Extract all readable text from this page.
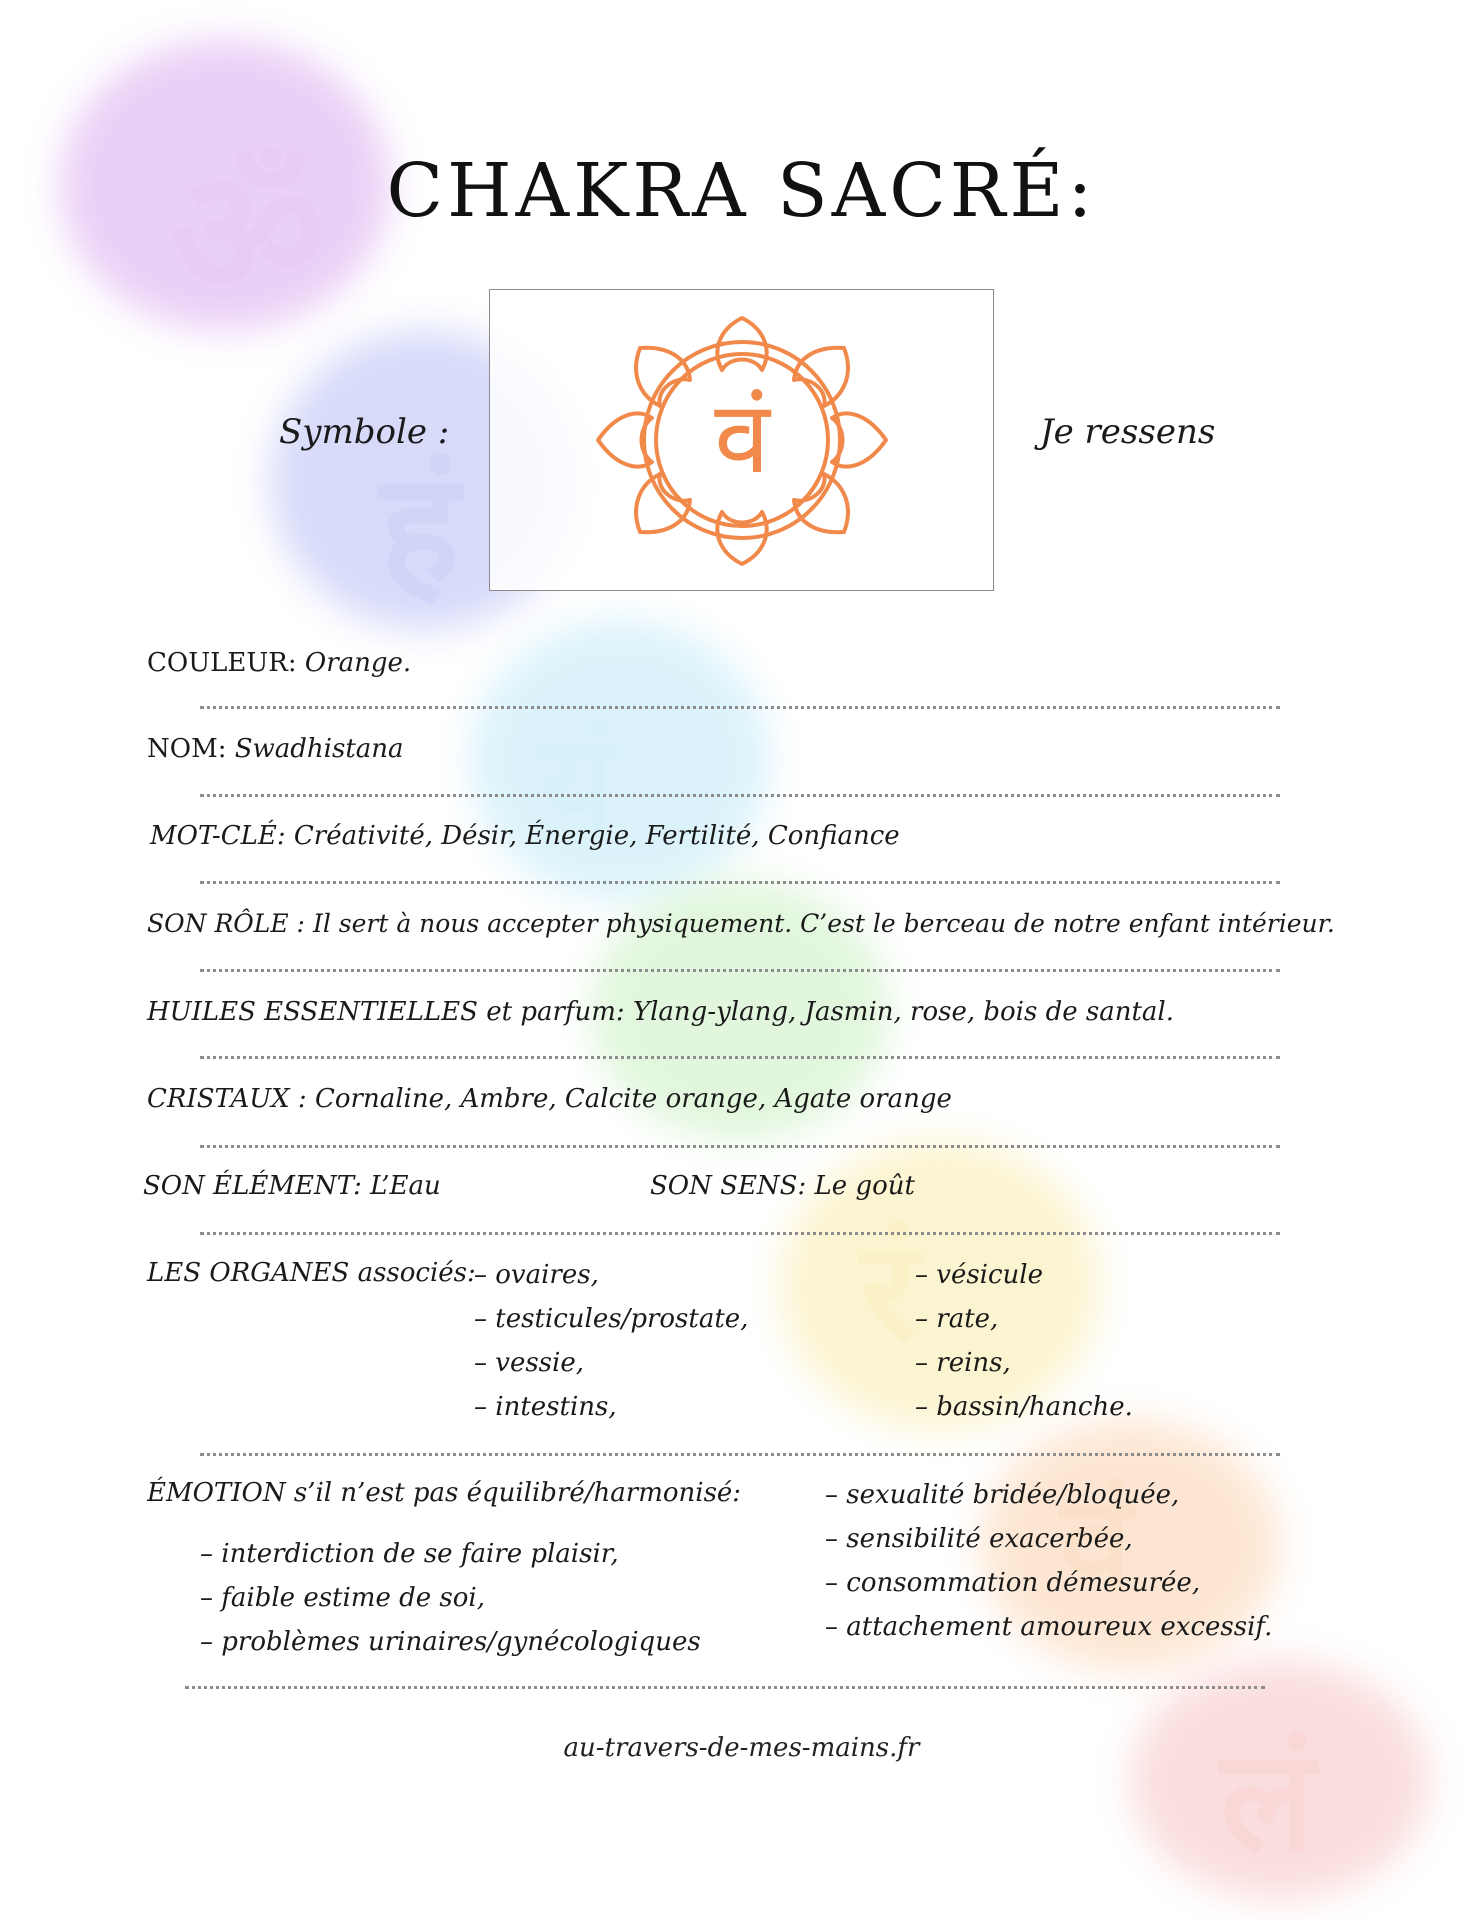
ॐ
हं
यं
रं
वं
लं
CHAKRA SACRÉ:
Symbole :	Je ressens
वं
COULEUR: Orange.
NOM: Swadhistana
MOT-CLÉ: Créativité, Désir, Énergie, Fertilité, Confiance
SON RÔLE : Il sert à nous accepter physiquement. C’est le berceau de notre enfant intérieur.
HUILES ESSENTIELLES et parfum: Ylang-ylang, Jasmin, rose, bois de santal.
CRISTAUX : Cornaline, Ambre, Calcite orange, Agate orange
SON ÉLÉMENT: L’Eau	SON SENS: Le goût
LES ORGANES associés:
– ovaires,
– testicules/prostate,
– vessie,
– intestins,
– vésicule
– rate,
– reins,
– bassin/hanche.
ÉMOTION s’il n’est pas équilibré/harmonisé:
– interdiction de se faire plaisir,
– faible estime de soi,
– problèmes urinaires/gynécologiques
– sexualité bridée/bloquée,
– sensibilité exacerbée,
– consommation démesurée,
– attachement amoureux excessif.
au-travers-de-mes-mains.fr
